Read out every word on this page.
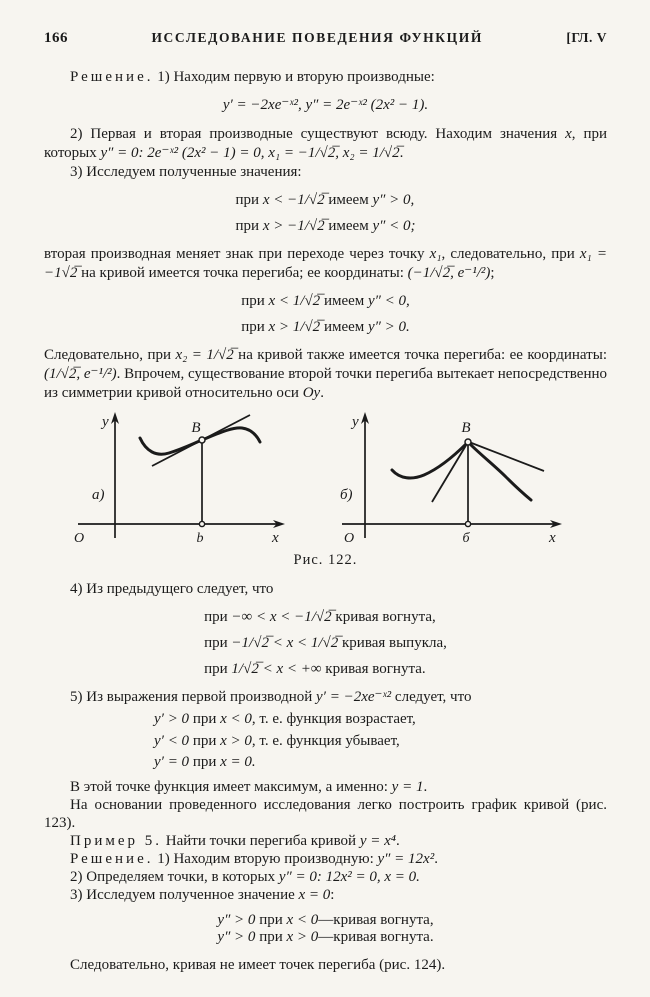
166	ИССЛЕДОВАНИЕ ПОВЕДЕНИЯ ФУНКЦИЙ	[ГЛ. V

Решение. 1) Находим первую и вторую производные:

y′ = −2xe⁻ˣ², y″ = 2e⁻ˣ² (2x² − 1).

2) Первая и вторая производные существуют всюду. Находим значения x, при которых y″ = 0: 2e⁻ˣ² (2x² − 1) = 0, x₁ = −1/√2̅, x₂ = 1/√2̅.

3) Исследуем полученные значения:

при x < −1/√2̅ имеем y″ > 0,
при x > −1/√2̅ имеем y″ < 0;

вторая производная меняет знак при переходе через точку x₁, следовательно, при x₁ = −1√2̅ на кривой имеется точка перегиба; ее координаты: (−1/√2̅, e⁻¹/²);

при x < 1/√2̅ имеем y″ < 0,
при x > 1/√2̅ имеем y″ > 0.

Следовательно, при x₂ = 1/√2̅ на кривой также имеется точка перегиба: ее координаты: (1/√2̅, e⁻¹/²). Впрочем, существование второй точки перегиба вытекает непосредственно из симметрии кривой относительно оси Oy.

y
x
O
а)
B
b
y
x
O
б)
B
б
Рис. 122.

4) Из предыдущего следует, что

при −∞ < x < −1/√2̅ кривая вогнута,
при −1/√2̅ < x < 1/√2̅ кривая выпукла,
при 1/√2̅ < x < +∞ кривая вогнута.

5) Из выражения первой производной y′ = −2xe⁻ˣ² следует, что

y′ > 0 при x < 0, т. е. функция возрастает,
y′ < 0 при x > 0, т. е. функция убывает,
y′ = 0 при x = 0.

В этой точке функция имеет максимум, а именно: y = 1.

На основании проведенного исследования легко построить график кривой (рис. 123).

Пример 5. Найти точки перегиба кривой y = x⁴.

Решение. 1) Находим вторую производную: y″ = 12x².

2) Определяем точки, в которых y″ = 0: 12x² = 0, x = 0.

3) Исследуем полученное значение x = 0:

y″ > 0 при x < 0—кривая вогнута,
y″ > 0 при x > 0—кривая вогнута.

Следовательно, кривая не имеет точек перегиба (рис. 124).
